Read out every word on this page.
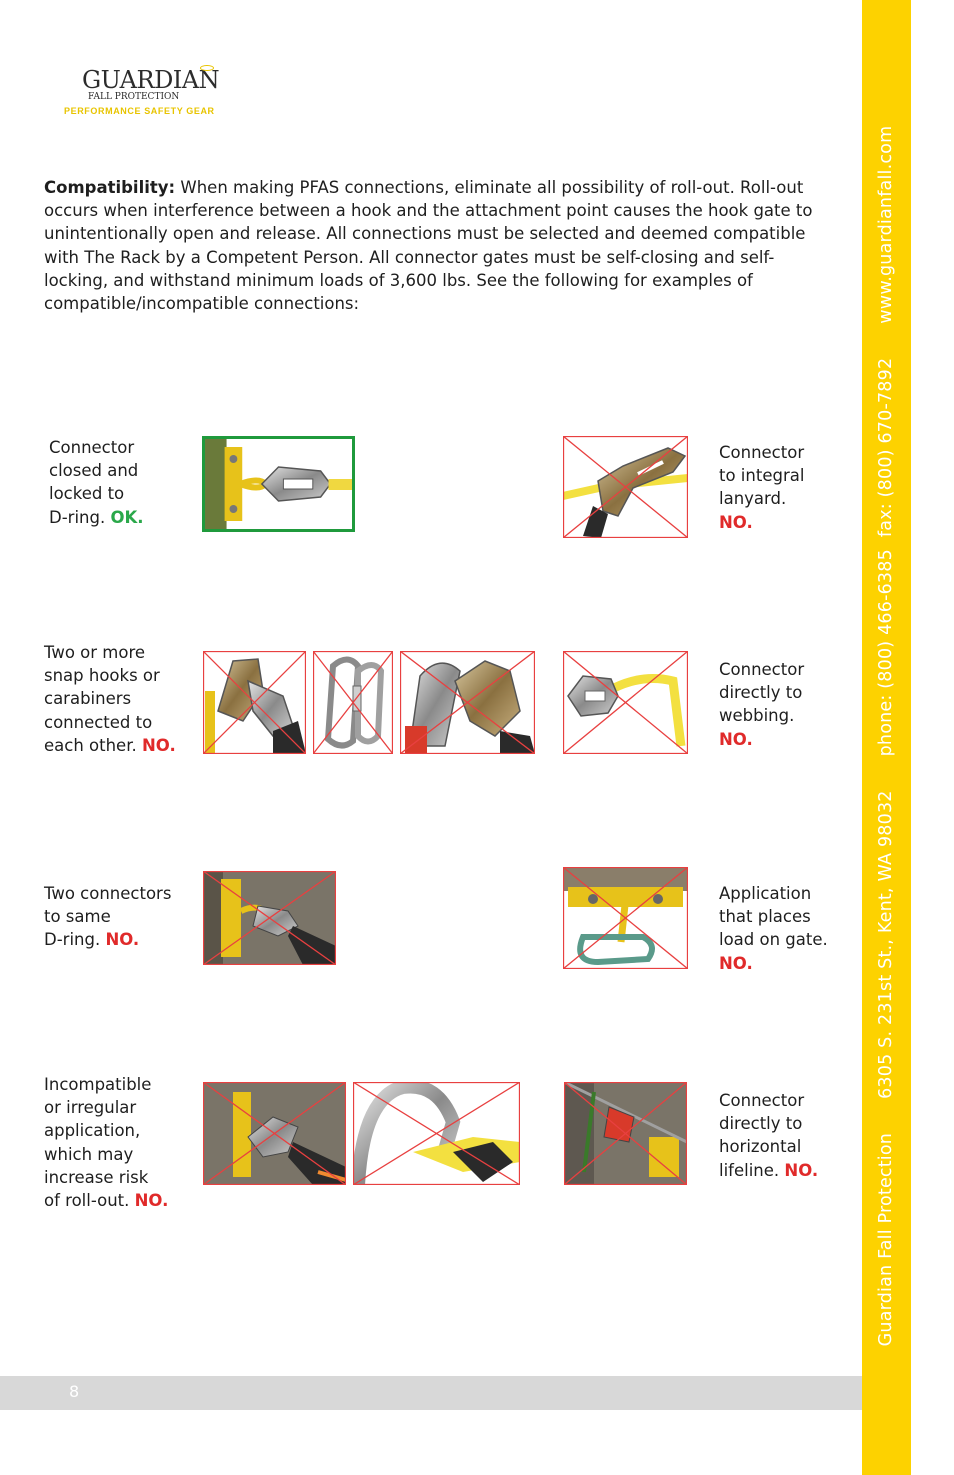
GUARDIAN
FALL PROTECTION
PERFORMANCE SAFETY GEAR
Compatibility: When making PFAS connections, eliminate all possibility of roll-out. Roll-out occurs when interference between a hook and the attachment point causes the hook gate to unintentionally open and release. All connections must be selected and deemed compatible with The Rack by a Competent Person. All connector gates must be self-closing and self-locking, and withstand minimum loads of 3,600 lbs. See the following for examples of compatible/incompatible connections:
Connector
closed and
locked to
D-ring. OK.
Connector
to integral
lanyard.
NO.
Two or more
snap hooks or
carabiners
connected to
each other. NO.
Connector
directly to
webbing.
NO.
Two connectors
to same
D-ring. NO.
Application
that places
load on gate.
NO.
Incompatible
or irregular
application,
which may
increase risk
of roll-out. NO.
Connector
directly to
horizontal
lifeline. NO.	Guardian Fall Protection6305 S. 231st St., Kent, WA 98032phone: (800) 466-6385fax: (800) 670-7892www.guardianfall.com
8
